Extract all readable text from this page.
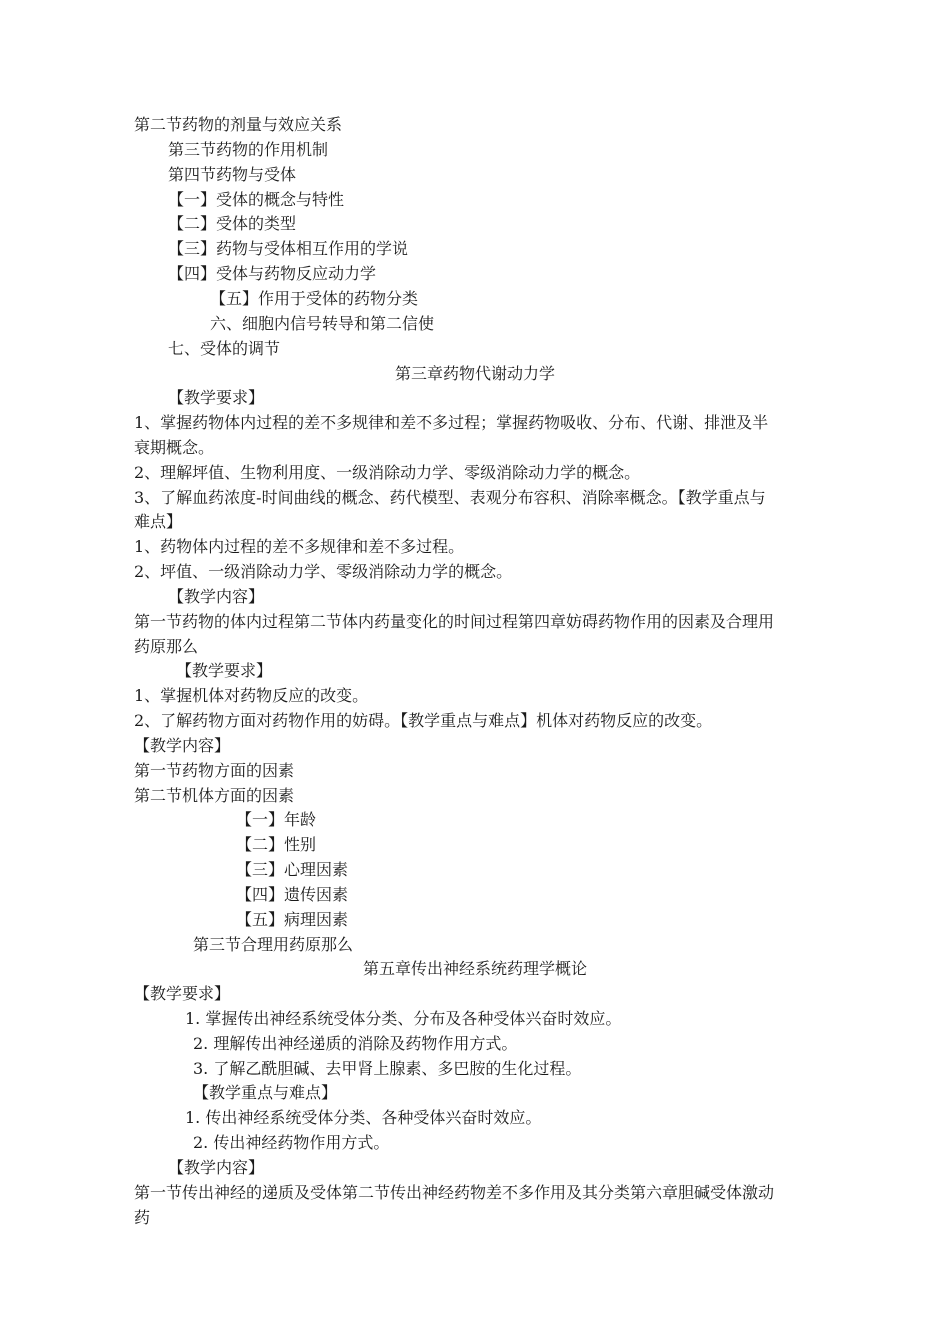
第二节药物的剂量与效应关系
第三节药物的作用机制
第四节药物与受体
【一】受体的概念与特性
【二】受体的类型
【三】药物与受体相互作用的学说
【四】受体与药物反应动力学
【五】作用于受体的药物分类
六、细胞内信号转导和第二信使
七、受体的调节
第三章药物代谢动力学
【教学要求】
1、掌握药物体内过程的差不多规律和差不多过程；掌握药物吸收、分布、代谢、排泄及半
衰期概念。
2、理解坪值、生物利用度、一级消除动力学、零级消除动力学的概念。
3、了解血药浓度-时间曲线的概念、药代模型、表观分布容积、消除率概念。【教学重点与
难点】
1、药物体内过程的差不多规律和差不多过程。
2、坪值、一级消除动力学、零级消除动力学的概念。
【教学内容】
第一节药物的体内过程第二节体内药量变化的时间过程第四章妨碍药物作用的因素及合理用
药原那么
【教学要求】
1、掌握机体对药物反应的改变。
2、了解药物方面对药物作用的妨碍。【教学重点与难点】机体对药物反应的改变。
【教学内容】
第一节药物方面的因素
第二节机体方面的因素
【一】年龄
【二】性别
【三】心理因素
【四】遗传因素
【五】病理因素
第三节合理用药原那么
第五章传出神经系统药理学概论
【教学要求】
1. 掌握传出神经系统受体分类、分布及各种受体兴奋时效应。
2. 理解传出神经递质的消除及药物作用方式。
3. 了解乙酰胆碱、去甲肾上腺素、多巴胺的生化过程。
【教学重点与难点】
1. 传出神经系统受体分类、各种受体兴奋时效应。
2. 传出神经药物作用方式。
【教学内容】
第一节传出神经的递质及受体第二节传出神经药物差不多作用及其分类第六章胆碱受体激动
药
